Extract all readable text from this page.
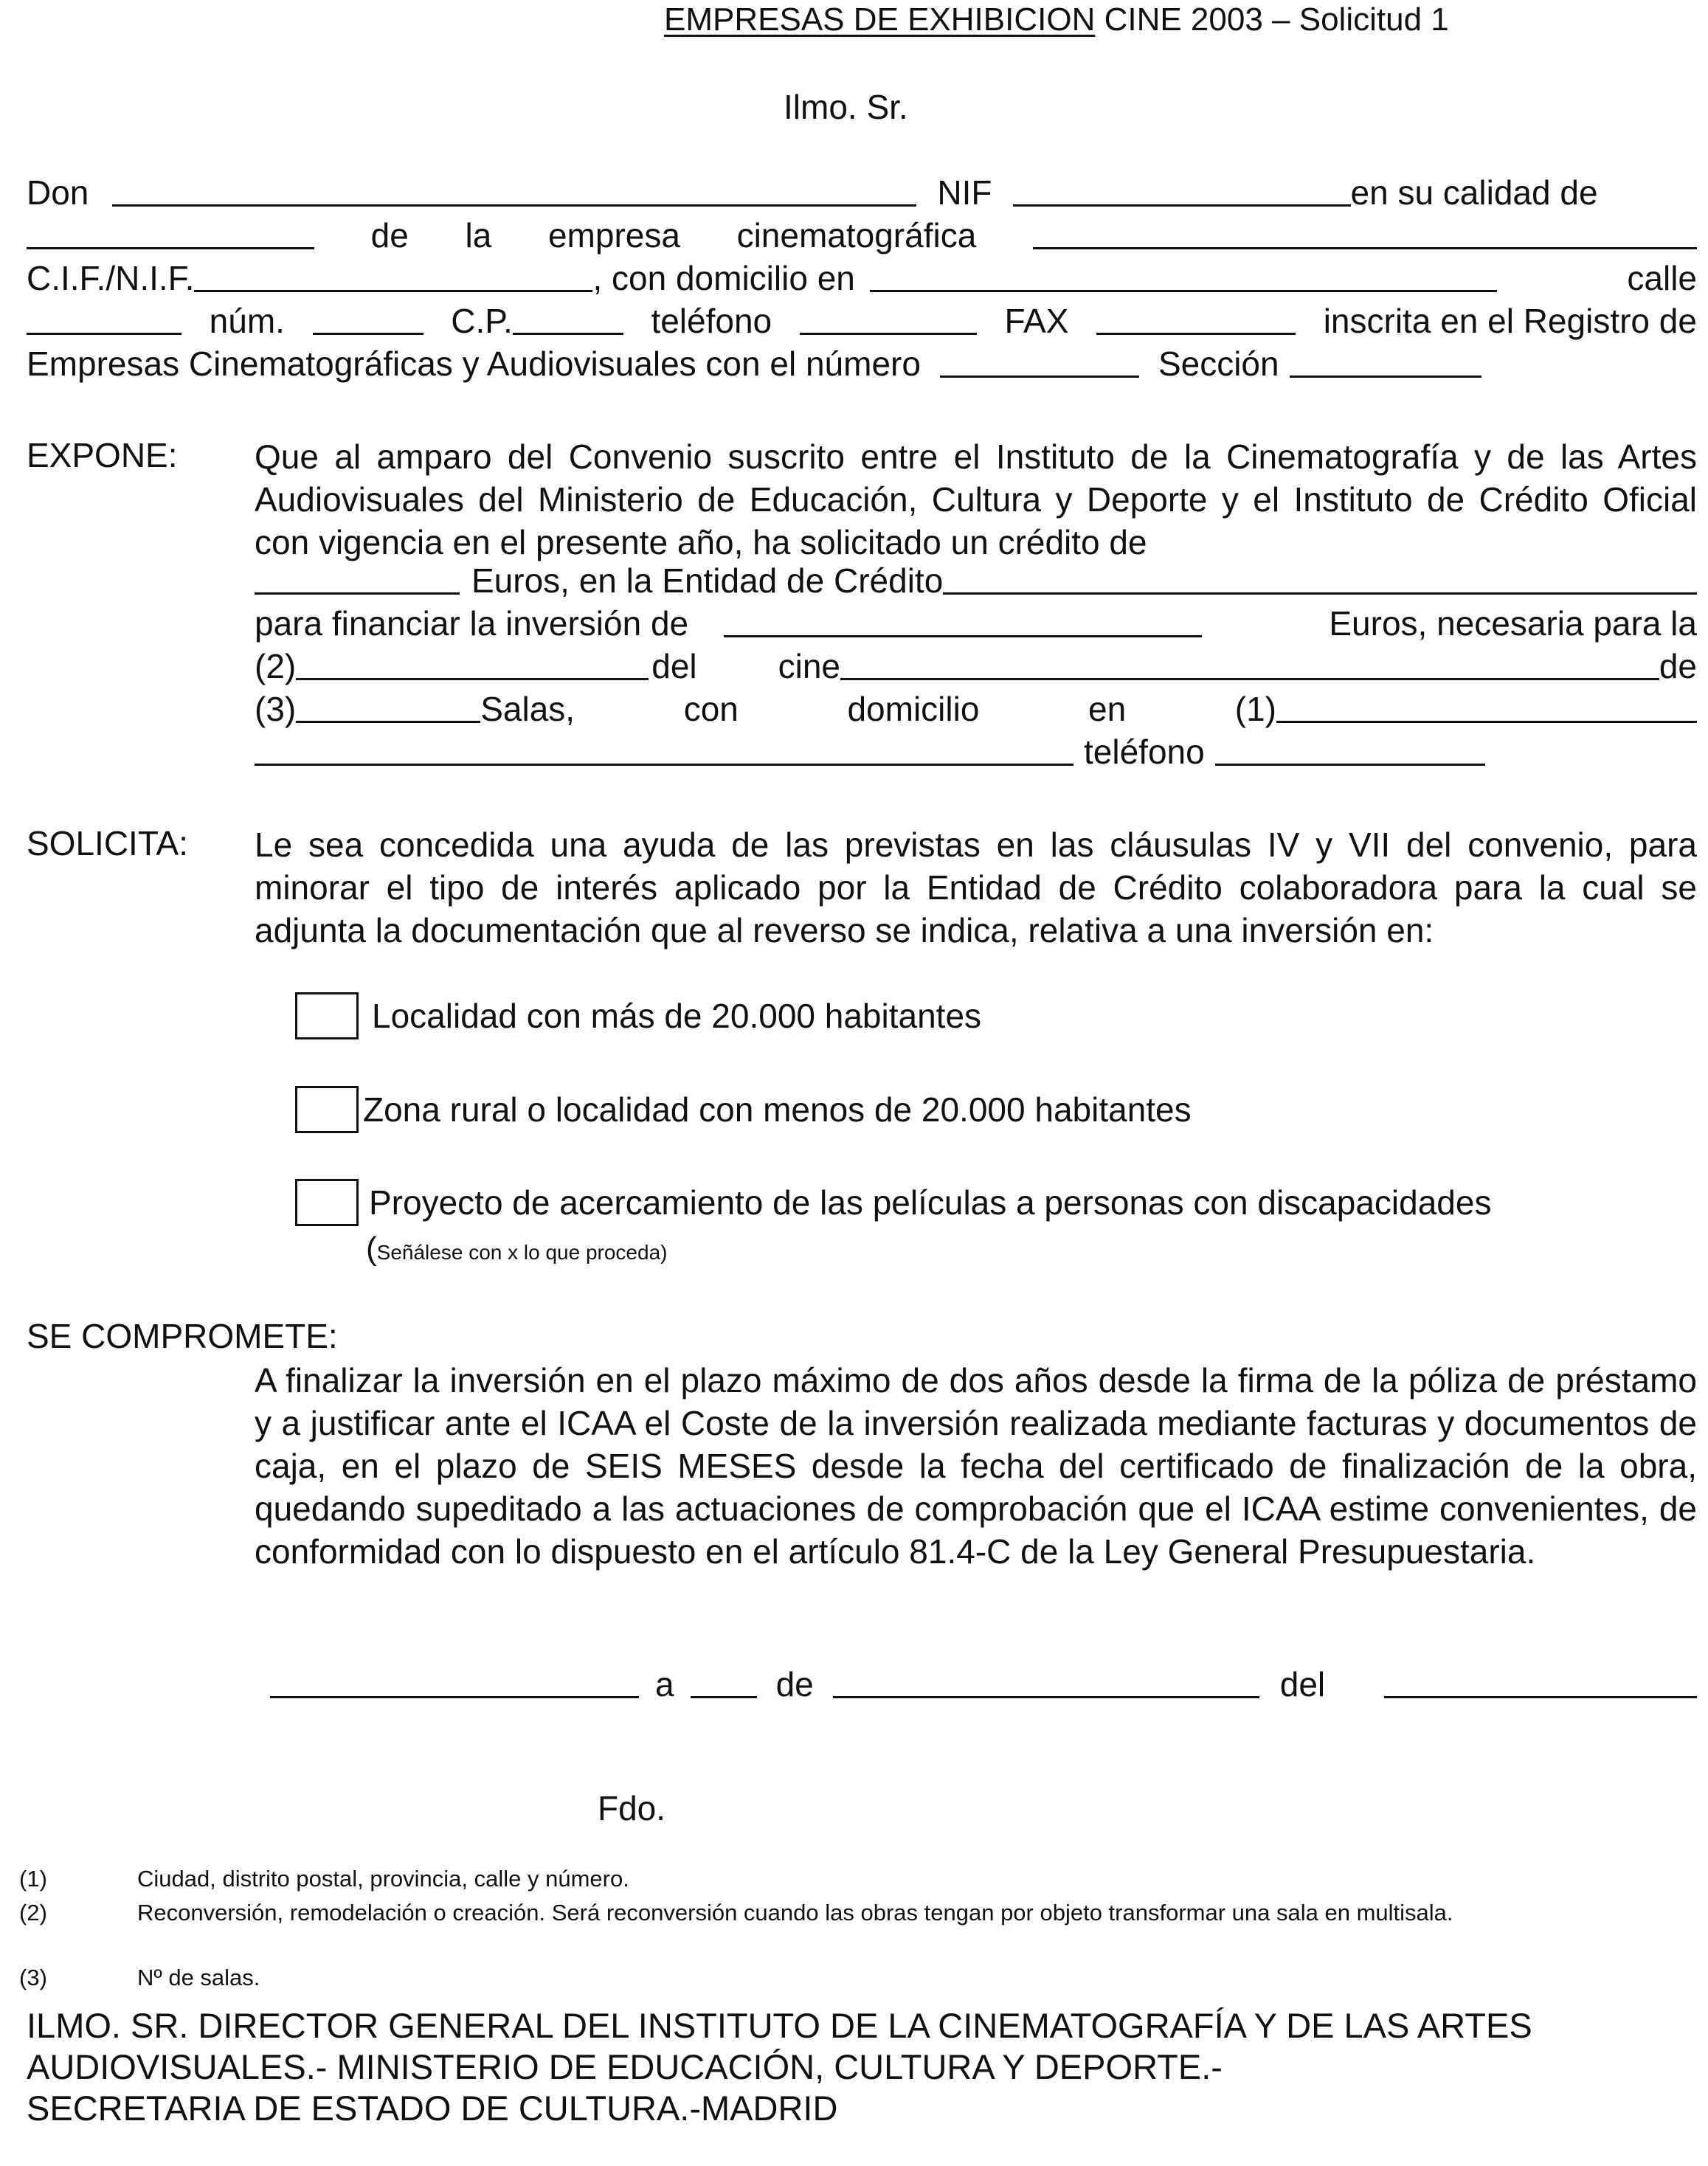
EMPRESAS DE EXHIBICION CINE 2003 – Solicitud 1
Ilmo. Sr.
Don	NIF	en su calidad de
de la empresa cinematográfica
C.I.F./N.I.F.	, con domicilio en	calle
núm.	C.P.	teléfono	FAX	inscrita en el Registro de
Empresas Cinematográficas y Audiovisuales con el número	Sección
EXPONE: Que al amparo del Convenio suscrito entre el Instituto de la Cinematografía y de las Artes Audiovisuales del Ministerio de Educación, Cultura y Deporte y el Instituto de Crédito Oficial con vigencia en el presente año, ha solicitado un crédito de
Euros, en la Entidad de Crédito
para financiar la inversión de	Euros, necesaria para la
(2)	del cine	de
(3)	Salas,	con	domicilio	en	(1)
teléfono
SOLICITA: Le sea concedida una ayuda de las previstas en las cláusulas IV y VII del convenio, para minorar el tipo de interés aplicado por la Entidad de Crédito colaboradora para la cual se adjunta la documentación que al reverso se indica, relativa a una inversión en:
Localidad con más de 20.000 habitantes
Zona rural o localidad con menos de 20.000 habitantes
Proyecto de acercamiento de las películas a personas con discapacidades
(Señálese con x lo que proceda)
SE COMPROMETE:
A finalizar la inversión en el plazo máximo de dos años desde la firma de la póliza de préstamo y a justificar ante el ICAA el Coste de la inversión realizada mediante facturas y documentos de caja, en el plazo de SEIS MESES desde la fecha del certificado de finalización de la obra, quedando supeditado a las actuaciones de comprobación que el ICAA estime convenientes, de conformidad con lo dispuesto en el artículo 81.4-C de la Ley General Presupuestaria.
a	de	del
Fdo.
(1)	Ciudad, distrito postal, provincia, calle y número.
(2)	Reconversión, remodelación o creación. Será reconversión cuando las obras tengan por objeto transformar una sala en multisala.
(3)	Nº de salas.
ILMO. SR. DIRECTOR GENERAL DEL INSTITUTO DE LA CINEMATOGRAFÍA Y DE LAS ARTES
AUDIOVISUALES.- MINISTERIO DE EDUCACIÓN, CULTURA Y DEPORTE.-
SECRETARIA DE ESTADO DE CULTURA.-MADRID
